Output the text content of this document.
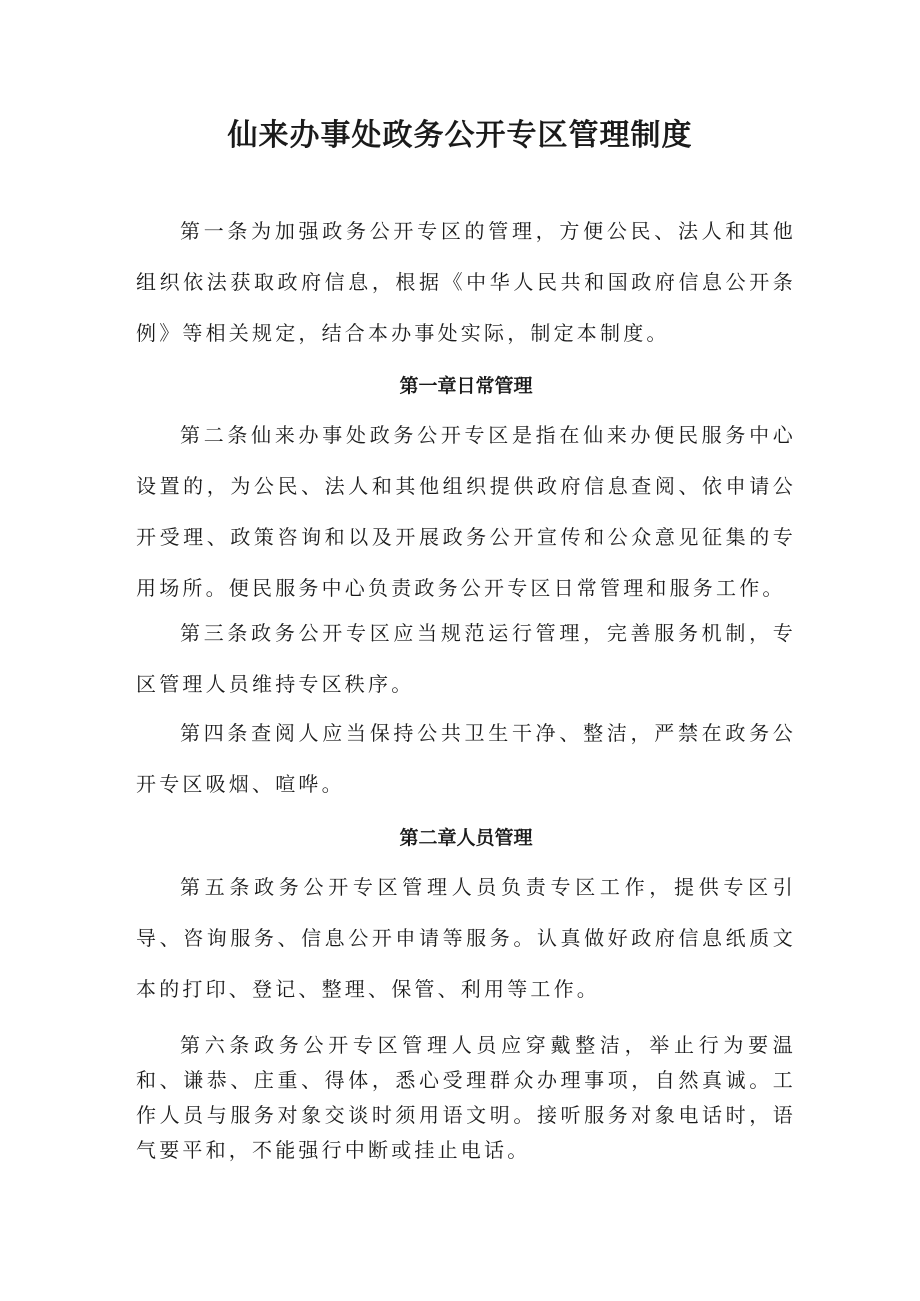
仙来办事处政务公开专区管理制度

第一条为加强政务公开专区的管理，方便公民、法人和其他组织依法获取政府信息，根据《中华人民共和国政府信息公开条例》等相关规定，结合本办事处实际，制定本制度。

第一章日常管理

第二条仙来办事处政务公开专区是指在仙来办便民服务中心设置的，为公民、法人和其他组织提供政府信息查阅、依申请公开受理、政策咨询和以及开展政务公开宣传和公众意见征集的专用场所。便民服务中心负责政务公开专区日常管理和服务工作。

第三条政务公开专区应当规范运行管理，完善服务机制，专区管理人员维持专区秩序。

第四条查阅人应当保持公共卫生干净、整洁，严禁在政务公开专区吸烟、喧哗。

第二章人员管理

第五条政务公开专区管理人员负责专区工作，提供专区引导、咨询服务、信息公开申请等服务。认真做好政府信息纸质文本的打印、登记、整理、保管、利用等工作。

第六条政务公开专区管理人员应穿戴整洁，举止行为要温和、谦恭、庄重、得体，悉心受理群众办理事项，自然真诚。工作人员与服务对象交谈时须用语文明。接听服务对象电话时，语气要平和，不能强行中断或挂止电话。
